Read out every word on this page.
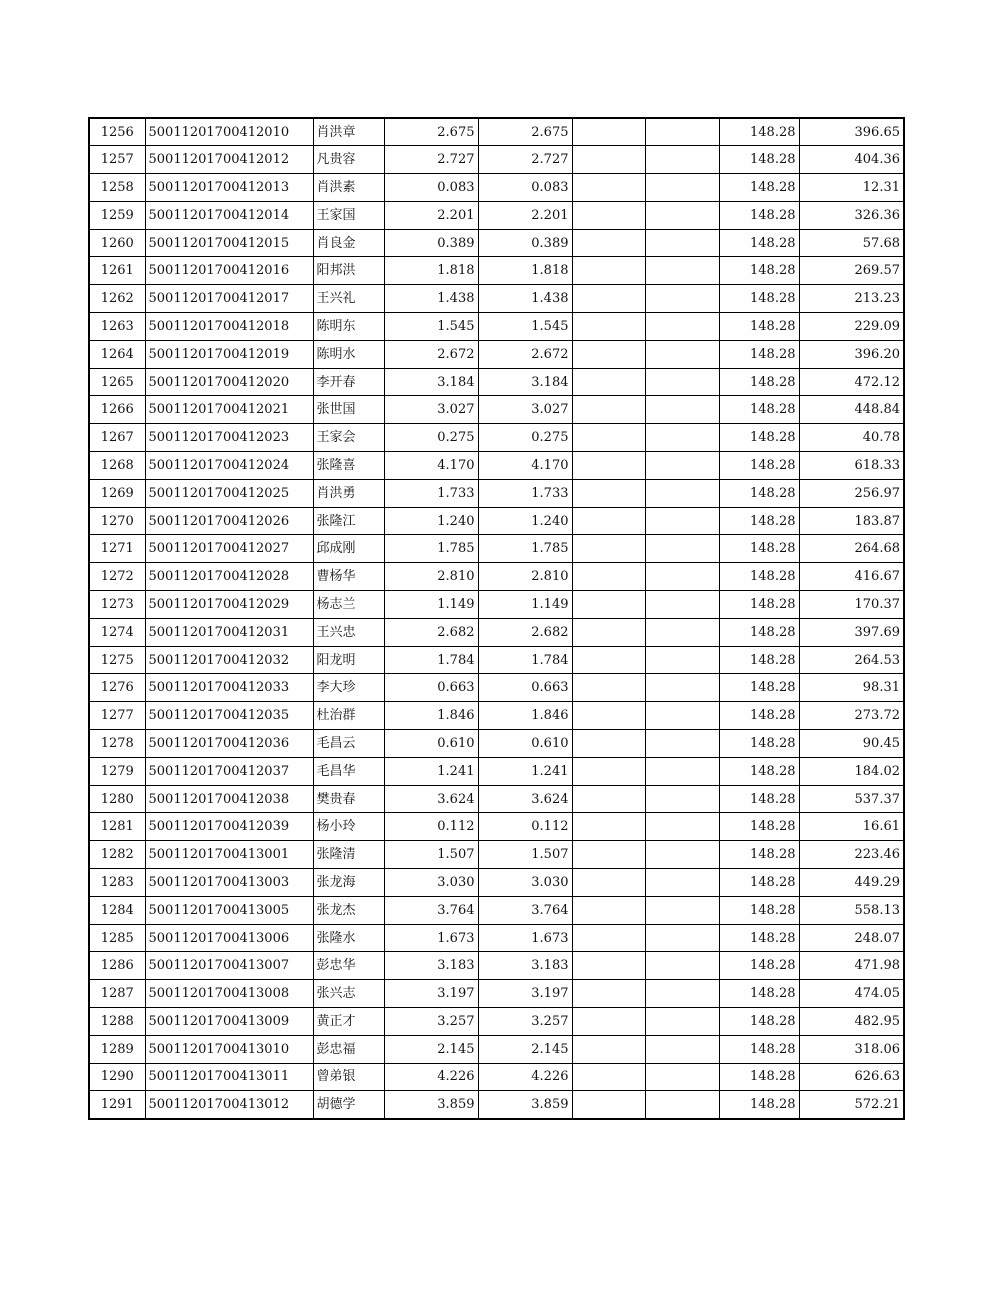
1256	50011201700412010	肖洪章	2.675	2.675			148.28	396.65
1257	50011201700412012	凡贵容	2.727	2.727			148.28	404.36
1258	50011201700412013	肖洪素	0.083	0.083			148.28	12.31
1259	50011201700412014	王家国	2.201	2.201			148.28	326.36
1260	50011201700412015	肖良金	0.389	0.389			148.28	57.68
1261	50011201700412016	阳邦洪	1.818	1.818			148.28	269.57
1262	50011201700412017	王兴礼	1.438	1.438			148.28	213.23
1263	50011201700412018	陈明东	1.545	1.545			148.28	229.09
1264	50011201700412019	陈明水	2.672	2.672			148.28	396.20
1265	50011201700412020	李开春	3.184	3.184			148.28	472.12
1266	50011201700412021	张世国	3.027	3.027			148.28	448.84
1267	50011201700412023	王家会	0.275	0.275			148.28	40.78
1268	50011201700412024	张隆喜	4.170	4.170			148.28	618.33
1269	50011201700412025	肖洪勇	1.733	1.733			148.28	256.97
1270	50011201700412026	张隆江	1.240	1.240			148.28	183.87
1271	50011201700412027	邱成刚	1.785	1.785			148.28	264.68
1272	50011201700412028	曹杨华	2.810	2.810			148.28	416.67
1273	50011201700412029	杨志兰	1.149	1.149			148.28	170.37
1274	50011201700412031	王兴忠	2.682	2.682			148.28	397.69
1275	50011201700412032	阳龙明	1.784	1.784			148.28	264.53
1276	50011201700412033	李大珍	0.663	0.663			148.28	98.31
1277	50011201700412035	杜治群	1.846	1.846			148.28	273.72
1278	50011201700412036	毛昌云	0.610	0.610			148.28	90.45
1279	50011201700412037	毛昌华	1.241	1.241			148.28	184.02
1280	50011201700412038	樊贵春	3.624	3.624			148.28	537.37
1281	50011201700412039	杨小玲	0.112	0.112			148.28	16.61
1282	50011201700413001	张隆清	1.507	1.507			148.28	223.46
1283	50011201700413003	张龙海	3.030	3.030			148.28	449.29
1284	50011201700413005	张龙杰	3.764	3.764			148.28	558.13
1285	50011201700413006	张隆水	1.673	1.673			148.28	248.07
1286	50011201700413007	彭忠华	3.183	3.183			148.28	471.98
1287	50011201700413008	张兴志	3.197	3.197			148.28	474.05
1288	50011201700413009	黄正才	3.257	3.257			148.28	482.95
1289	50011201700413010	彭忠福	2.145	2.145			148.28	318.06
1290	50011201700413011	曾弟银	4.226	4.226			148.28	626.63
1291	50011201700413012	胡德学	3.859	3.859			148.28	572.21
